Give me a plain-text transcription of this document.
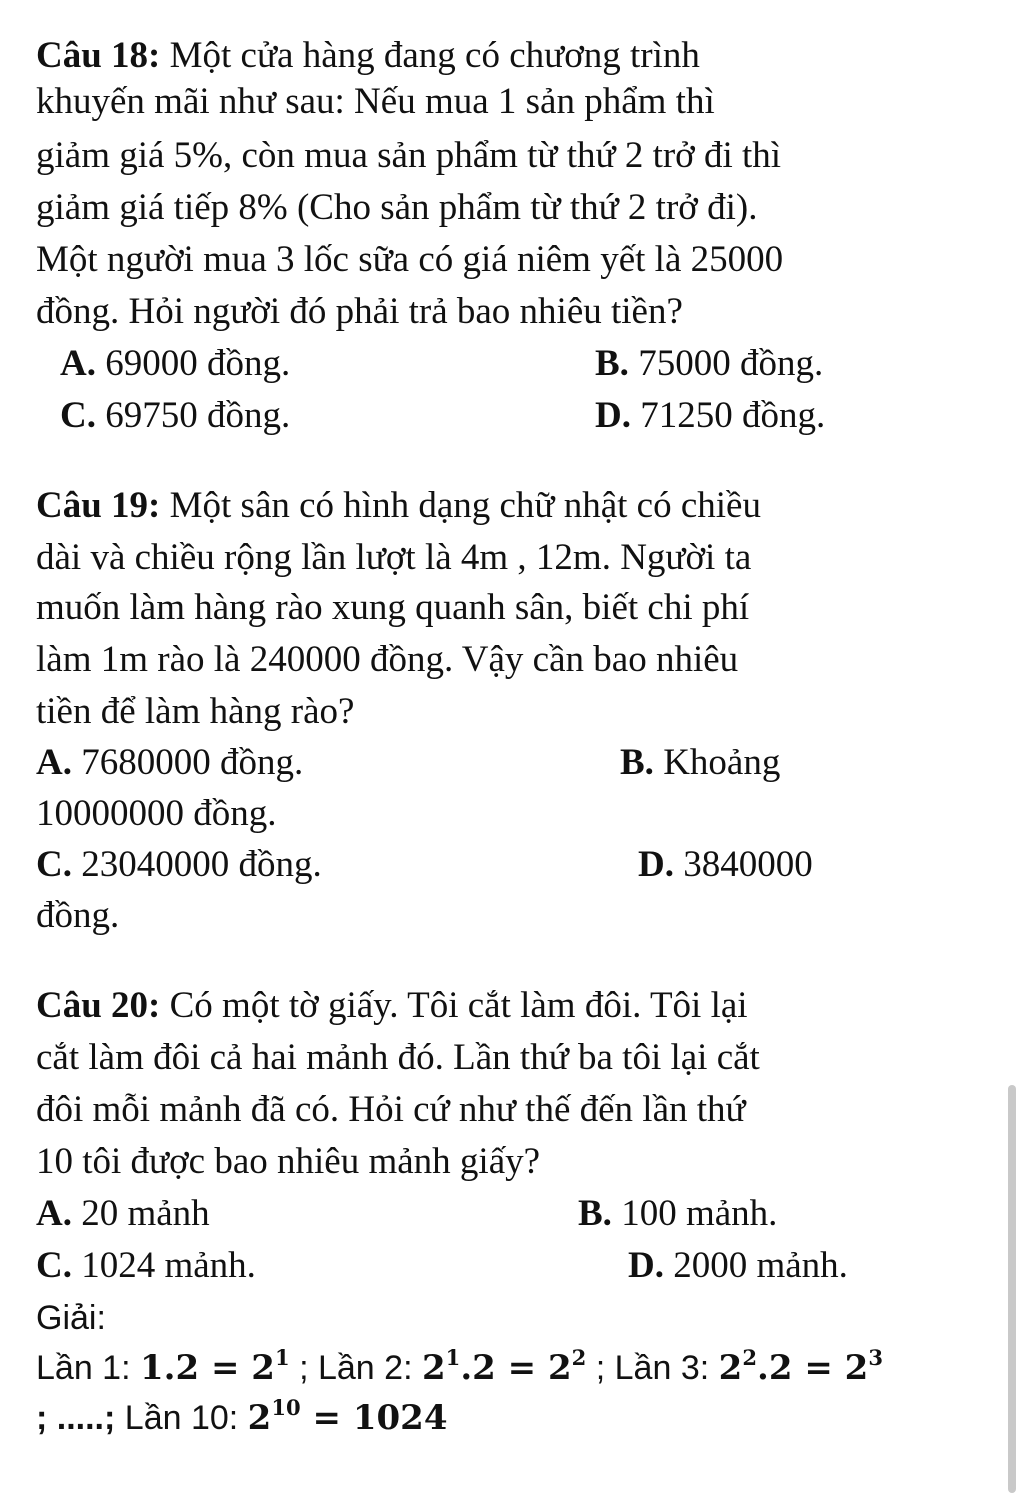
Câu 18: Một cửa hàng đang có chương trình
khuyến mãi như sau: Nếu mua 1 sản phẩm thì
giảm giá 5%, còn mua sản phẩm từ thứ 2 trở đi thì
giảm giá tiếp 8% (Cho sản phẩm từ thứ 2 trở đi).
Một người mua 3 lốc sữa có giá niêm yết là 25000
đồng. Hỏi người đó phải trả bao nhiêu tiền?
A. 69000 đồng.	B. 75000 đồng.
C. 69750 đồng.	D. 71250 đồng.
Câu 19: Một sân có hình dạng chữ nhật có chiều
dài và chiều rộng lần lượt là 4m , 12m. Người ta
muốn làm hàng rào xung quanh sân, biết chi phí
làm 1m rào là 240000 đồng. Vậy cần bao nhiêu
tiền để làm hàng rào?
A. 7680000 đồng.	B. Khoảng
10000000 đồng.
C. 23040000 đồng.	D. 3840000
đồng.
Câu 20: Có một tờ giấy. Tôi cắt làm đôi. Tôi lại
cắt làm đôi cả hai mảnh đó. Lần thứ ba tôi lại cắt
đôi mỗi mảnh đã có. Hỏi cứ như thế đến lần thứ
10 tôi được bao nhiêu mảnh giấy?
A. 20 mảnh	B. 100 mảnh.
C. 1024 mảnh.	D. 2000 mảnh.
Giải:
Lần 1: $1.2 = 2^1$ ; Lần 2: $2^1.2 = 2^2$ ; Lần 3: $2^2.2 = 2^3$
; .....; Lần 10: $2^{10} = 1024$
